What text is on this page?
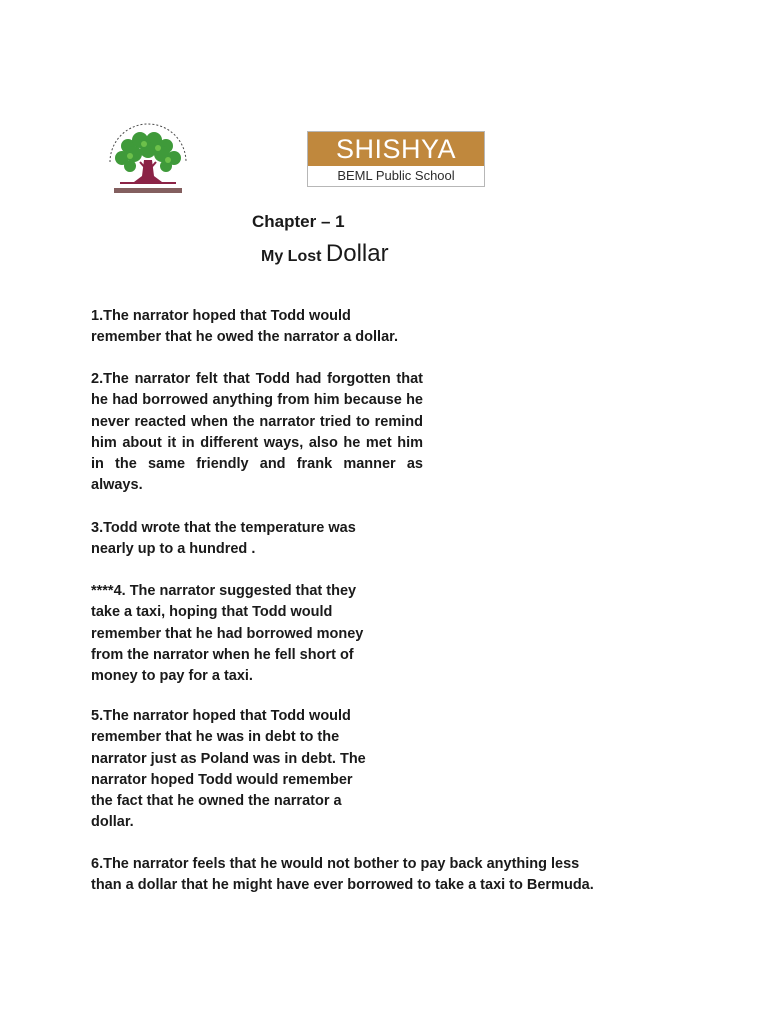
SHISHYA
BEML Public School
Chapter – 1
My Lost Dollar

1.The narrator hoped that Todd would
remember that he owed the narrator a dollar.

2.The narrator felt that Todd had forgotten that he had borrowed anything from him because he never reacted when the narrator tried to remind him about it in different ways, also he met him in the same friendly and frank manner as always.

3.Todd wrote that the temperature was
nearly up to a hundred .

****4. The narrator suggested that they
take a taxi, hoping that Todd would
remember that he had borrowed money
from the narrator when he fell short of
money to pay for a taxi.

5.The narrator hoped that Todd would
remember that he was in debt to the
narrator just as Poland was in debt. The
narrator hoped Todd would remember
the fact that he owned the narrator a
dollar.

6.The narrator feels that he would not bother to pay back anything less
than a dollar that he might have ever borrowed to take a taxi to Bermuda.
